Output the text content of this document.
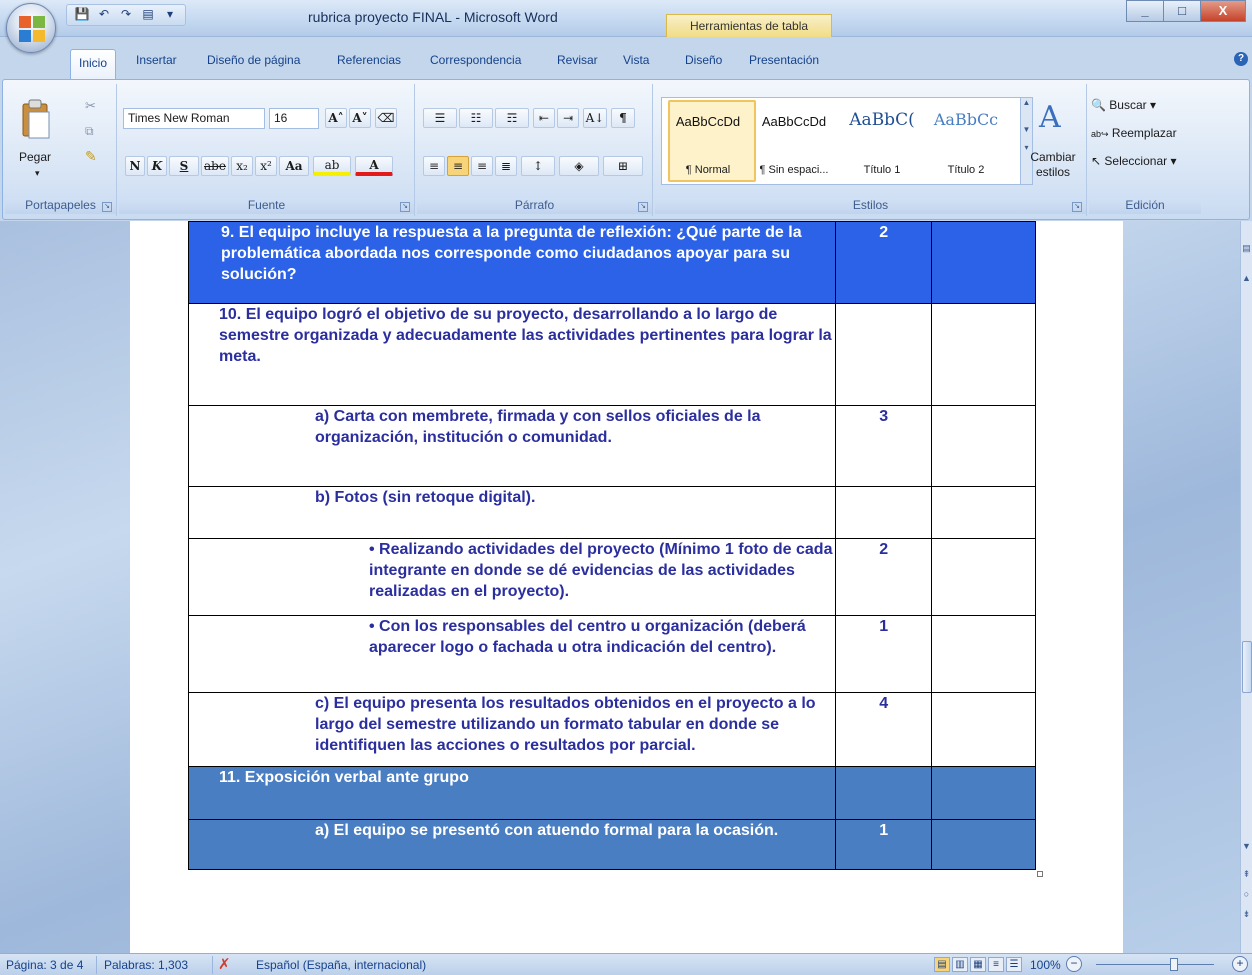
💾 ↶ ↷ ▤	▾	rubrica proyecto FINAL - Microsoft Word
Herramientas de tabla
_	□	X
Inicio	Insertar	Diseño de página	Referencias Correspondencia	Revisar Vista	Diseño Presentación	?
Pegar
▾
✂
⧉
✎
Portapapeles	↘
Times New Roman	16	A˄ A˅ ⌫
N K	S	abe x₂	x²	Aa	ab	A
Fuente	↘
☰	☷	☶	⇤	⇥	A↓	¶
≡	≡	≡	≣	↕	◈	⊞
Párrafo	↘
AaBbCcDd
¶ Normal
AaBbCcDd
¶ Sin espaci...
AaBbC(
Título 1
AaBbCc
Título 2
▲

▼

▾
A
Cambiar estilos
Estilos	↘
🔍 Buscar ▾
ab↪ Reemplazar
↖ Seleccionar ▾
Edición
9. El equipo incluye la respuesta a la pregunta de reflexión: ¿Qué parte de la problemática abordada nos corresponde como ciudadanos apoyar para su solución?	2	
10. El equipo logró el objetivo de su proyecto, desarrollando a lo largo de semestre organizada y adecuadamente las actividades pertinentes para lograr la meta.		
a) Carta con membrete, firmada y con sellos oficiales de la organización, institución o comunidad.	3	
b) Fotos (sin retoque digital).		
• Realizando actividades del proyecto (Mínimo 1 foto de cada integrante en donde se dé evidencias de las actividades realizadas en el proyecto).	2	
• Con los responsables del centro u organización (deberá aparecer logo o fachada u otra indicación del centro).	1	
c) El equipo presenta los resultados obtenidos en el proyecto a lo largo del semestre utilizando un formato tabular en donde se identifiquen las acciones o resultados por parcial.	4	
11. Exposición verbal ante grupo		
a) El equipo se presentó con atuendo formal para la ocasión.	1	
▤
▲
▼
⇞
○
⇟
Página: 3 de 4 Palabras: 1,303 ✗ Español (España, internacional)	▤ ▥ ▦	≡	☰ 100% −	+
